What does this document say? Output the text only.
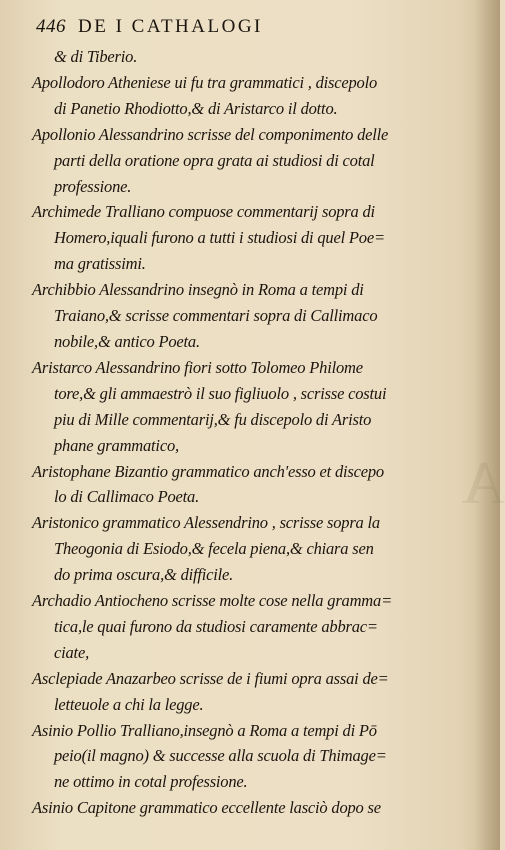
446 DE I CATHALOGI

& di Tiberio.

Apollodoro Atheniese ui fu tra grammatici , discepolo
di Panetio Rhodiotto,& di Aristarco il dotto.

Apollonio Alessandrino scrisse del componimento delle
parti della oratione opra grata ai studiosi di cotal
professione.

Archimede Tralliano compuose commentarij sopra di
Homero,iquali furono a tutti i studiosi di quel Poe=
ma gratissimi.

Archibbio Alessandrino insegnò in Roma a tempi di
Traiano,& scrisse commentari sopra di Callimaco
nobile,& antico Poeta.

Aristarco Alessandrino fiori sotto Tolomeo Philome
tore,& gli ammaestrò il suo figliuolo , scrisse costui
piu di Mille commentarij,& fu discepolo di Aristo
phane grammatico,

Aristophane Bizantio grammatico anch'esso et discepo
lo di Callimaco Poeta.

Aristonico grammatico Alessendrino , scrisse sopra la
Theogonia di Esiodo,& fecela piena,& chiara sen
do prima oscura,& difficile.

Archadio Antiocheno scrisse molte cose nella gramma=
tica,le quai furono da studiosi caramente abbrac=
ciate,

Asclepiade Anazarbeo scrisse de i fiumi opra assai de=
letteuole a chi la legge.

Asinio Pollio Tralliano,insegnò a Roma a tempi di Pō
peio(il magno) & successe alla scuola di Thimage=
ne ottimo in cotal professione.

Asinio Capitone grammatico eccellente lasciò dopo se
